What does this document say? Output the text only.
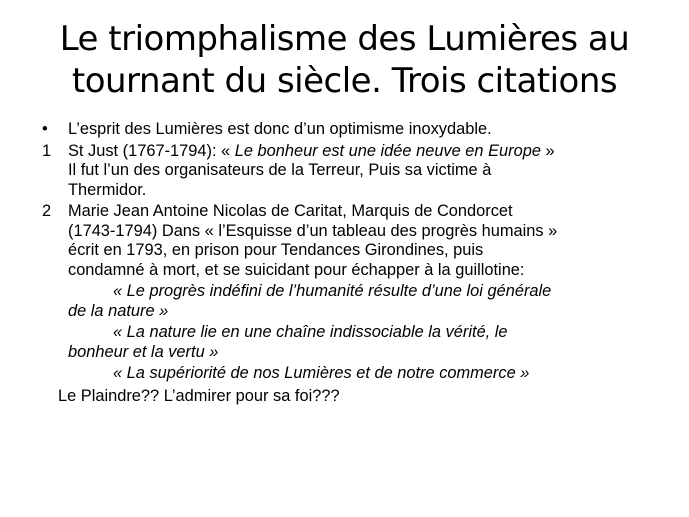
Le triomphalisme des Lumières au
tournant du siècle. Trois citations
• L’esprit des Lumières est donc d’un optimisme inoxydable.
1 St Just (1767-1794): « Le bonheur est une idée neuve en Europe »
Il fut l’un des organisateurs de la Terreur, Puis sa victime à
Thermidor.
2 Marie Jean Antoine Nicolas de Caritat, Marquis de Condorcet
(1743-1794) Dans « l’Esquisse d’un tableau des progrès humains »
écrit en 1793, en prison pour Tendances Girondines, puis
condamné à mort, et se suicidant pour échapper à la guillotine:
« Le progrès indéfini de l’humanité résulte d’une loi générale
de la nature »
« La nature lie en une chaîne indissociable la vérité, le
bonheur et la vertu »
« La supériorité de nos Lumières et de notre commerce »
Le Plaindre?? L’admirer pour sa foi???
